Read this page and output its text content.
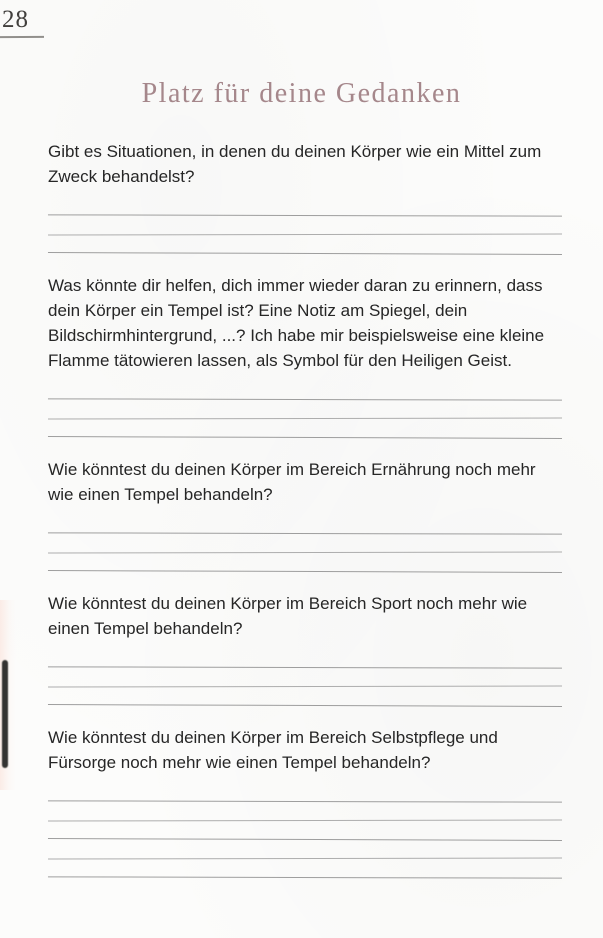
28
Platz für deine Gedanken

Gibt es Situationen, in denen du deinen Körper wie ein Mittel zum Zweck behandelst?

Was könnte dir helfen, dich immer wieder daran zu erinnern, dass dein Körper ein Tempel ist? Eine Notiz am Spiegel, dein Bildschirmhintergrund, ...? Ich habe mir beispielsweise eine kleine Flamme tätowieren lassen, als Symbol für den Heiligen Geist.

Wie könntest du deinen Körper im Bereich Ernährung noch mehr wie einen Tempel behandeln?

Wie könntest du deinen Körper im Bereich Sport noch mehr wie einen Tempel behandeln?

Wie könntest du deinen Körper im Bereich Selbstpflege und Fürsorge noch mehr wie einen Tempel behandeln?
